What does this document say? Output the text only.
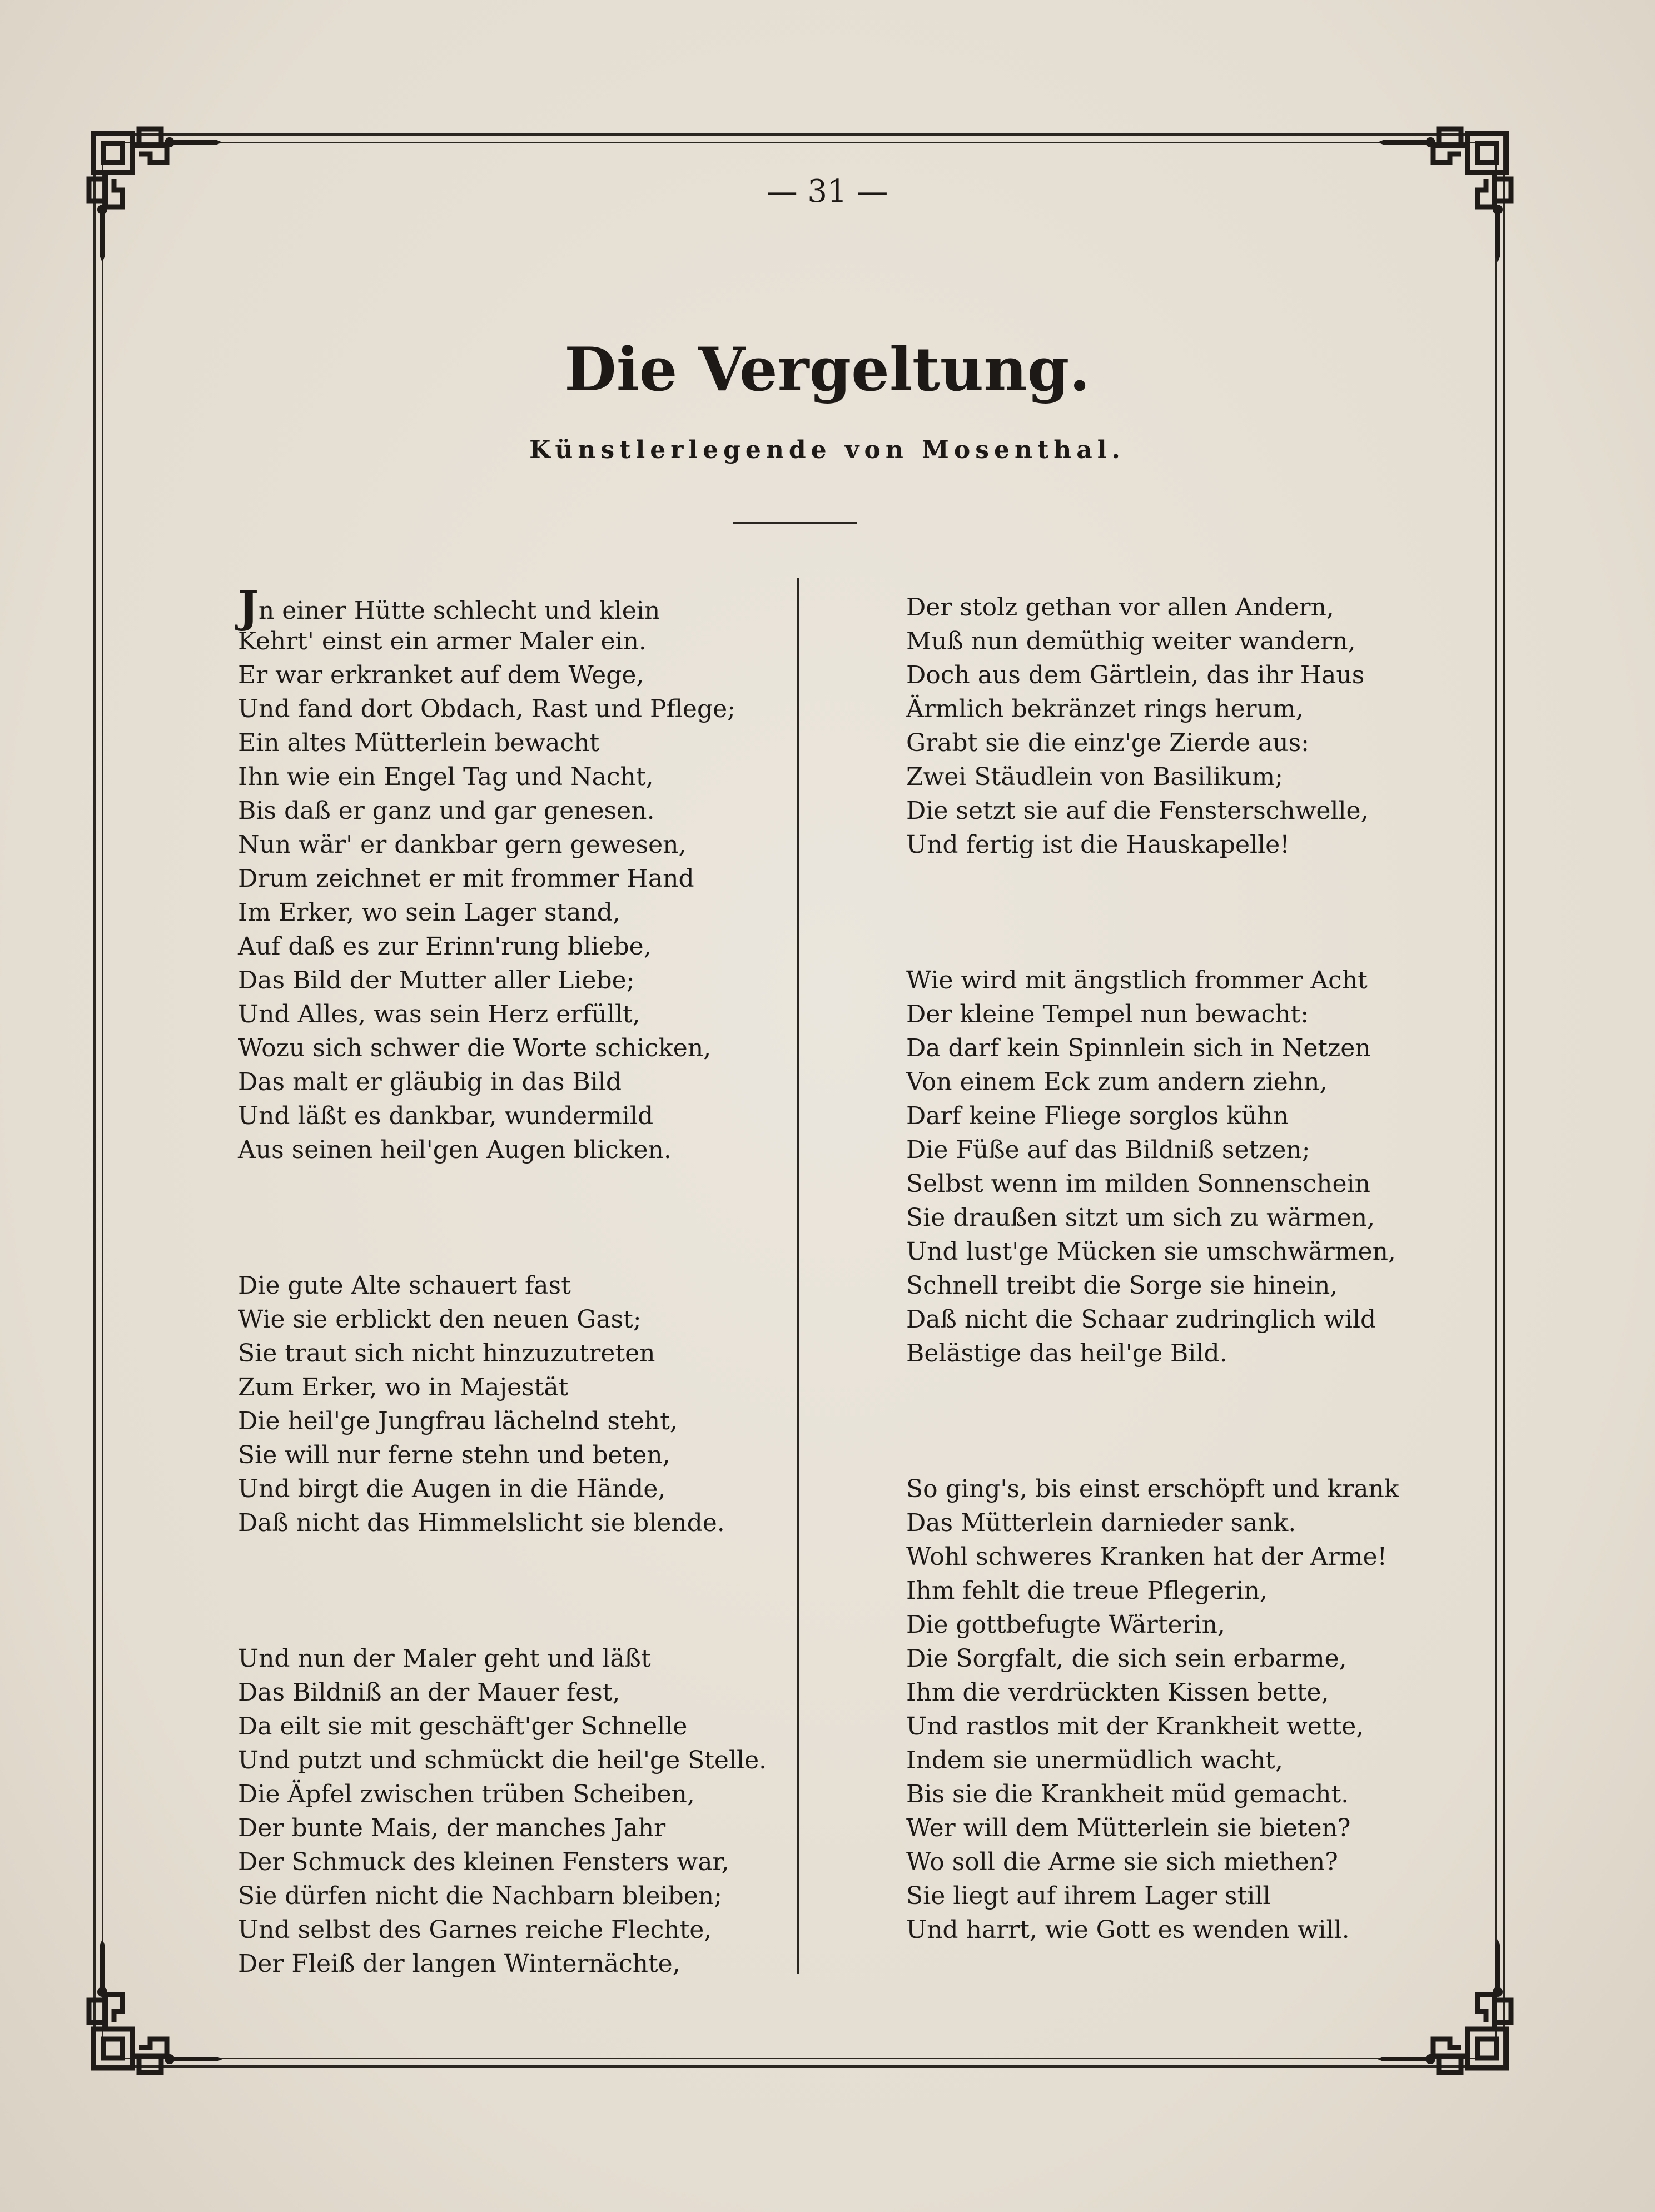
— 31 —
Die Vergeltung.
Künstlerlegende von Mosenthal.
Jn einer Hütte schlecht und klein
Kehrt' einst ein armer Maler ein.
Er war erkranket auf dem Wege,
Und fand dort Obdach, Rast und Pflege;
Ein altes Mütterlein bewacht
Ihn wie ein Engel Tag und Nacht,
Bis daß er ganz und gar genesen.
Nun wär' er dankbar gern gewesen,
Drum zeichnet er mit frommer Hand
Im Erker, wo sein Lager stand,
Auf daß es zur Erinn'rung bliebe,
Das Bild der Mutter aller Liebe;
Und Alles, was sein Herz erfüllt,
Wozu sich schwer die Worte schicken,
Das malt er gläubig in das Bild
Und läßt es dankbar, wundermild
Aus seinen heil'gen Augen blicken.
Die gute Alte schauert fast
Wie sie erblickt den neuen Gast;
Sie traut sich nicht hinzuzutreten
Zum Erker, wo in Majestät
Die heil'ge Jungfrau lächelnd steht,
Sie will nur ferne stehn und beten,
Und birgt die Augen in die Hände,
Daß nicht das Himmelslicht sie blende.
Und nun der Maler geht und läßt
Das Bildniß an der Mauer fest,
Da eilt sie mit geschäft'ger Schnelle
Und putzt und schmückt die heil'ge Stelle.
Die Äpfel zwischen trüben Scheiben,
Der bunte Mais, der manches Jahr
Der Schmuck des kleinen Fensters war,
Sie dürfen nicht die Nachbarn bleiben;
Und selbst des Garnes reiche Flechte,
Der Fleiß der langen Winternächte,
Der stolz gethan vor allen Andern,
Muß nun demüthig weiter wandern,
Doch aus dem Gärtlein, das ihr Haus
Ärmlich bekränzet rings herum,
Grabt sie die einz'ge Zierde aus:
Zwei Stäudlein von Basilikum;
Die setzt sie auf die Fensterschwelle,
Und fertig ist die Hauskapelle!
Wie wird mit ängstlich frommer Acht
Der kleine Tempel nun bewacht:
Da darf kein Spinnlein sich in Netzen
Von einem Eck zum andern ziehn,
Darf keine Fliege sorglos kühn
Die Füße auf das Bildniß setzen;
Selbst wenn im milden Sonnenschein
Sie draußen sitzt um sich zu wärmen,
Und lust'ge Mücken sie umschwärmen,
Schnell treibt die Sorge sie hinein,
Daß nicht die Schaar zudringlich wild
Belästige das heil'ge Bild.
So ging's, bis einst erschöpft und krank
Das Mütterlein darnieder sank.
Wohl schweres Kranken hat der Arme!
Ihm fehlt die treue Pflegerin,
Die gottbefugte Wärterin,
Die Sorgfalt, die sich sein erbarme,
Ihm die verdrückten Kissen bette,
Und rastlos mit der Krankheit wette,
Indem sie unermüdlich wacht,
Bis sie die Krankheit müd gemacht.
Wer will dem Mütterlein sie bieten?
Wo soll die Arme sie sich miethen?
Sie liegt auf ihrem Lager still
Und harrt, wie Gott es wenden will.
